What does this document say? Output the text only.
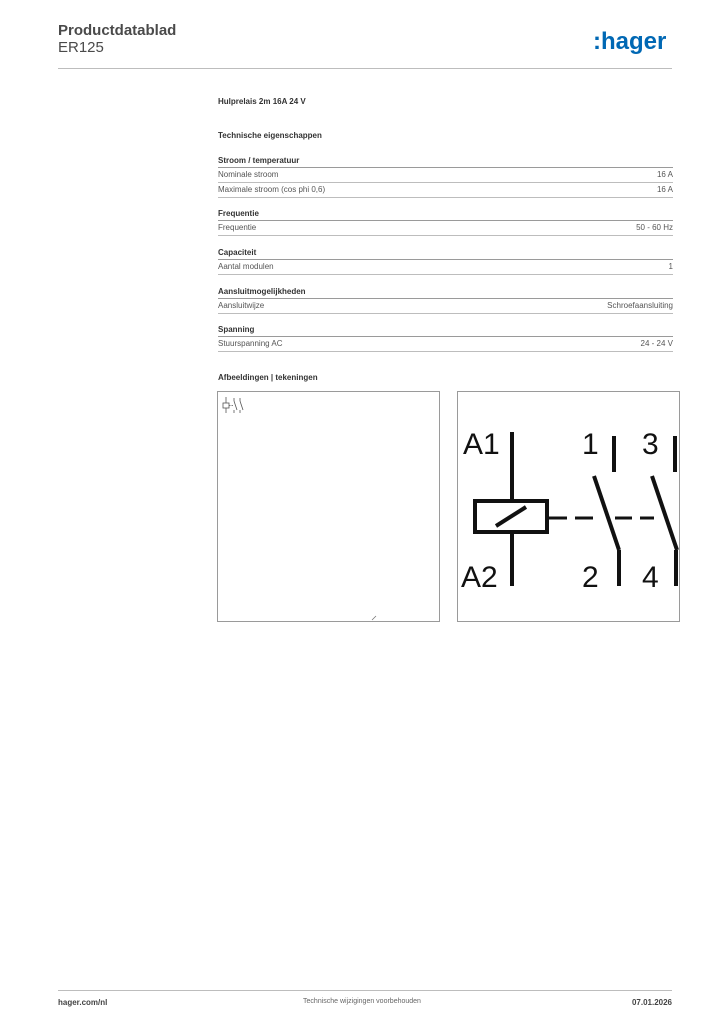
Productdatablad
ER125	:hager
Hulprelais 2m 16A 24 V
Technische eigenschappen
Stroom / temperatuur
Nominale stroom	16 A
Maximale stroom (cos phi 0,6)	16 A
Frequentie
Frequentie	50 - 60 Hz
Capaciteit
Aantal modulen	1
Aansluitmogelijkheden
Aansluitwijze	Schroefaansluiting
Spanning
Stuurspanning AC	24 - 24 V
Afbeeldingen | tekeningen
A1
A2
1 3
2 4
hager.com/nl	Technische wijzigingen voorbehouden	07.01.2026
